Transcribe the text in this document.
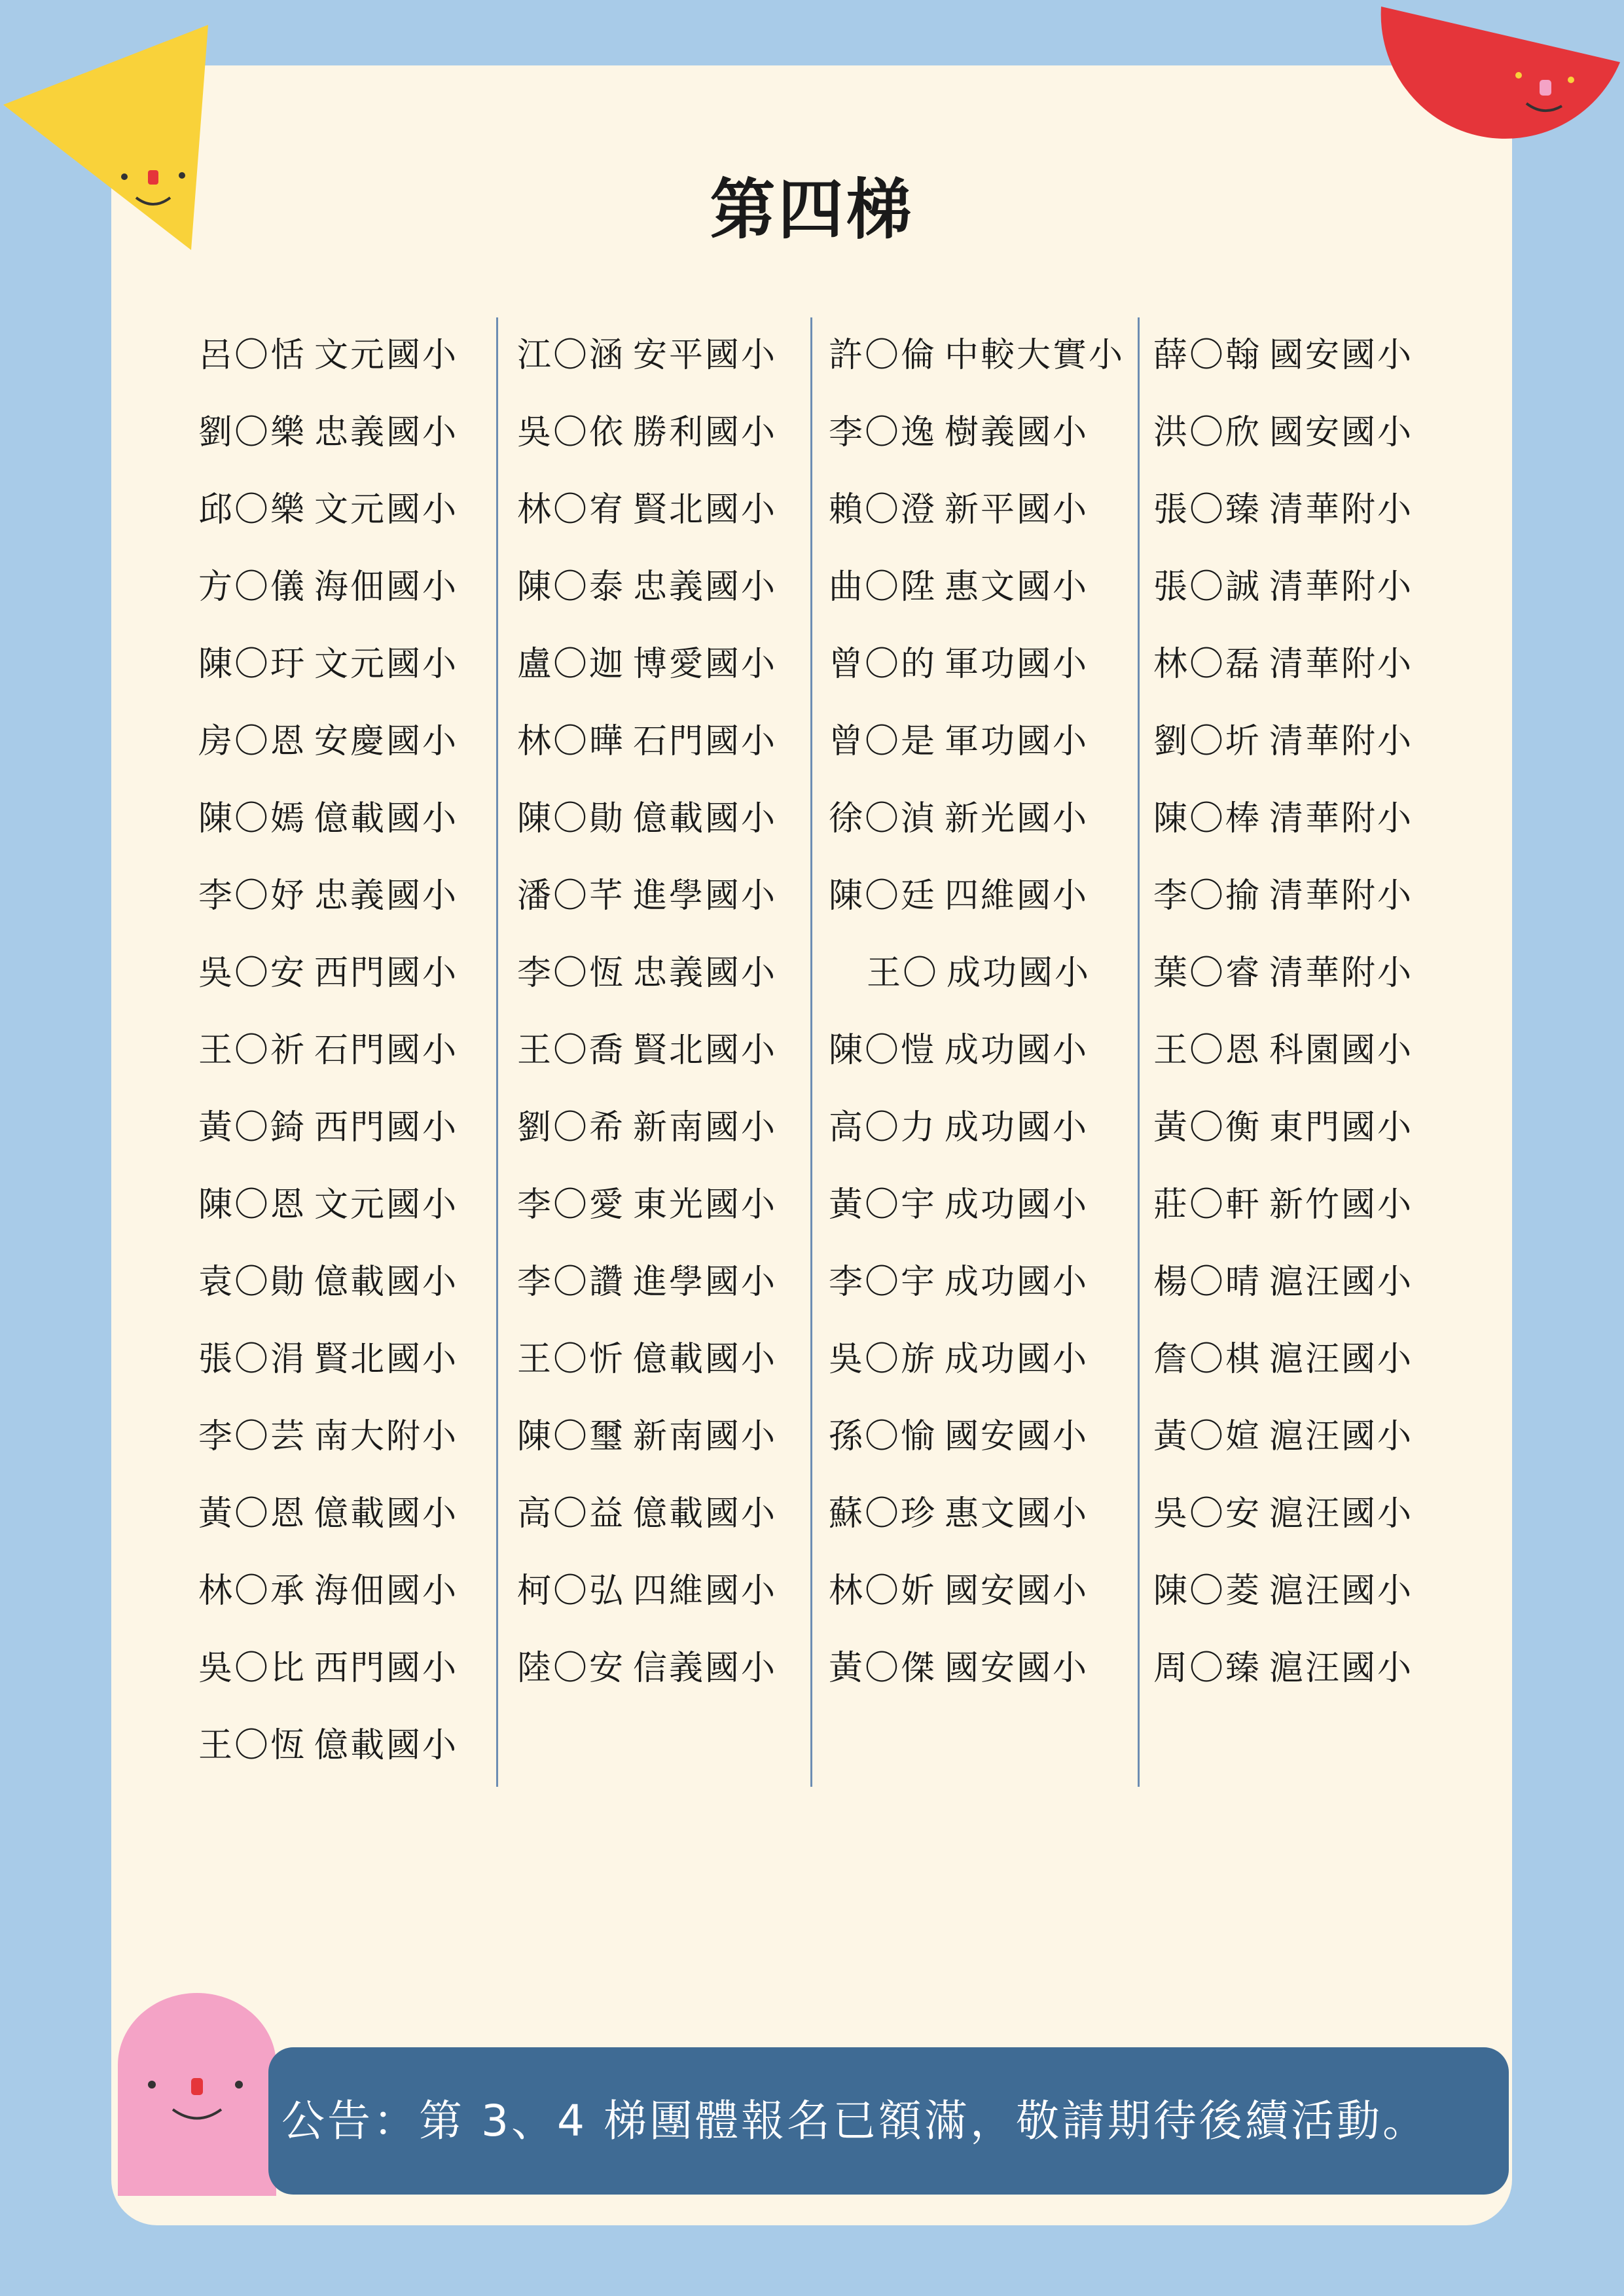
第四梯
呂〇恬 文元國小
劉〇樂 忠義國小
邱〇樂 文元國小
方〇儀 海佃國小
陳〇玗 文元國小
房〇恩 安慶國小
陳〇嫣 億載國小
李〇妤 忠義國小
吳〇安 西門國小
王〇祈 石門國小
黃〇錡 西門國小
陳〇恩 文元國小
袁〇勛 億載國小
張〇涓 賢北國小
李〇芸 南大附小
黃〇恩 億載國小
林〇承 海佃國小
吳〇比 西門國小
王〇恆 億載國小
江〇涵 安平國小
吳〇依 勝利國小
林〇宥 賢北國小
陳〇泰 忠義國小
盧〇迦 博愛國小
林〇曄 石門國小
陳〇勛 億載國小
潘〇芊 進學國小
李〇恆 忠義國小
王〇喬 賢北國小
劉〇希 新南國小
李〇愛 東光國小
李〇讚 進學國小
王〇忻 億載國小
陳〇璽 新南國小
高〇益 億載國小
柯〇弘 四維國小
陸〇安 信義國小
許〇倫 中較大實小
李〇逸 樹義國小
賴〇澄 新平國小
曲〇陞 惠文國小
曾〇的 軍功國小
曾〇是 軍功國小
徐〇湞 新光國小
陳〇廷 四維國小
王〇 成功國小
陳〇愷 成功國小
高〇力 成功國小
黃〇宇 成功國小
李〇宇 成功國小
吳〇旂 成功國小
孫〇愉 國安國小
蘇〇珍 惠文國小
林〇妡 國安國小
黃〇傑 國安國小
薛〇翰 國安國小
洪〇欣 國安國小
張〇臻 清華附小
張〇誠 清華附小
林〇磊 清華附小
劉〇圻 清華附小
陳〇棒 清華附小
李〇揄 清華附小
葉〇睿 清華附小
王〇恩 科園國小
黃〇衡 東門國小
莊〇軒 新竹國小
楊〇晴 滬汪國小
詹〇棋 滬汪國小
黃〇媗 滬汪國小
吳〇安 滬汪國小
陳〇菱 滬汪國小
周〇臻 滬汪國小
公告：第 3、4 梯團體報名已額滿，敬請期待後續活動。
